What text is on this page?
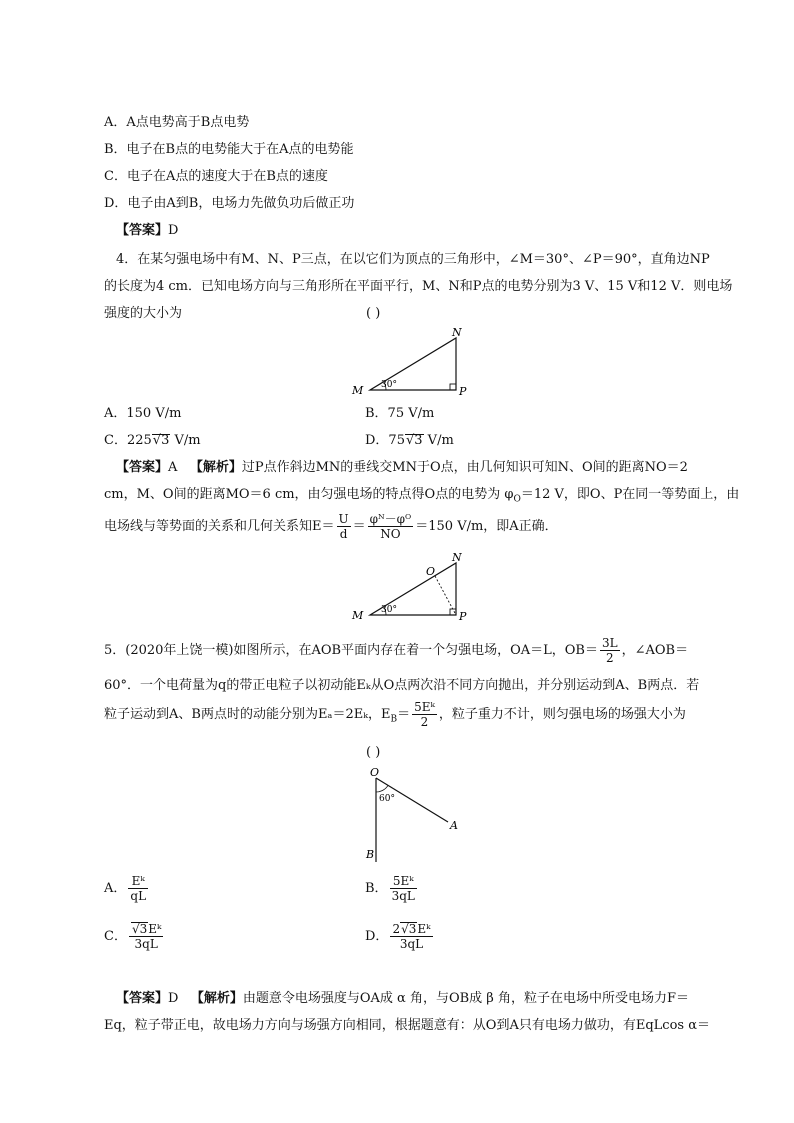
A．A点电势高于B点电势
B．电子在B点的电势能大于在A点的电势能
C．电子在A点的速度大于在B点的速度
D．电子由A到B，电场力先做负功后做正功
【答案】D
4．在某匀强电场中有M、N、P三点，在以它们为顶点的三角形中，∠M＝30°、∠P＝90°，直角边NP
的长度为4 cm．已知电场方向与三角形所在平面平行，M、N和P点的电势分别为3 V、15 V和12 V．则电场
强度的大小为	( )
M
N
P
30°
A．150 V/m	B．75 V/m
C．225√3 V/m	D．75√3 V/m
【答案】A 【解析】过P点作斜边MN的垂线交MN于O点，由几何知识可知N、O间的距离NO＝2
cm，M、O间的距离MO＝6 cm，由匀强电场的特点得O点的电势为 $\varphi_O=12$ V，即O、P在同一等势面上，由
电场线与等势面的关系和几何关系知$E= \frac{U}{d} = \frac{\text{φᴺ－φᴼ}}{NO} =150$ V/m，即A正确．
M
N
P
O
30°
5．(2020年上饶一模)如图所示，在AOB平面内存在着一个匀强电场，OA＝L，$OB= \frac{3L}{2}$ ，∠AOB＝
60°．一个电荷量为q的带正电粒子以初动能Eₖ从O点两次沿不同方向抛出，并分别运动到A、B两点．若
粒子运动到A、B两点时的动能分别为Eₐ＝2Eₖ，$E_B= \frac{\text{5Eᵏ}}{2}$ ，粒子重力不计，则匀强电场的场强大小为
( )
O
A
B
60°
A． $\frac{\text{Eᵏ}}{qL}$	B． $\frac{\text{5Eᵏ}}{3qL}$
C． $\frac{\text{√3Eᵏ}}{3qL}$	D． $\frac{\text{2√3Eᵏ}}{3qL}$
【答案】D 【解析】由题意令电场强度与OA成 α 角，与OB成 β 角，粒子在电场中所受电场力F＝
Eq，粒子带正电，故电场力方向与场强方向相同，根据题意有：从O到A只有电场力做功，有EqLcos α＝
